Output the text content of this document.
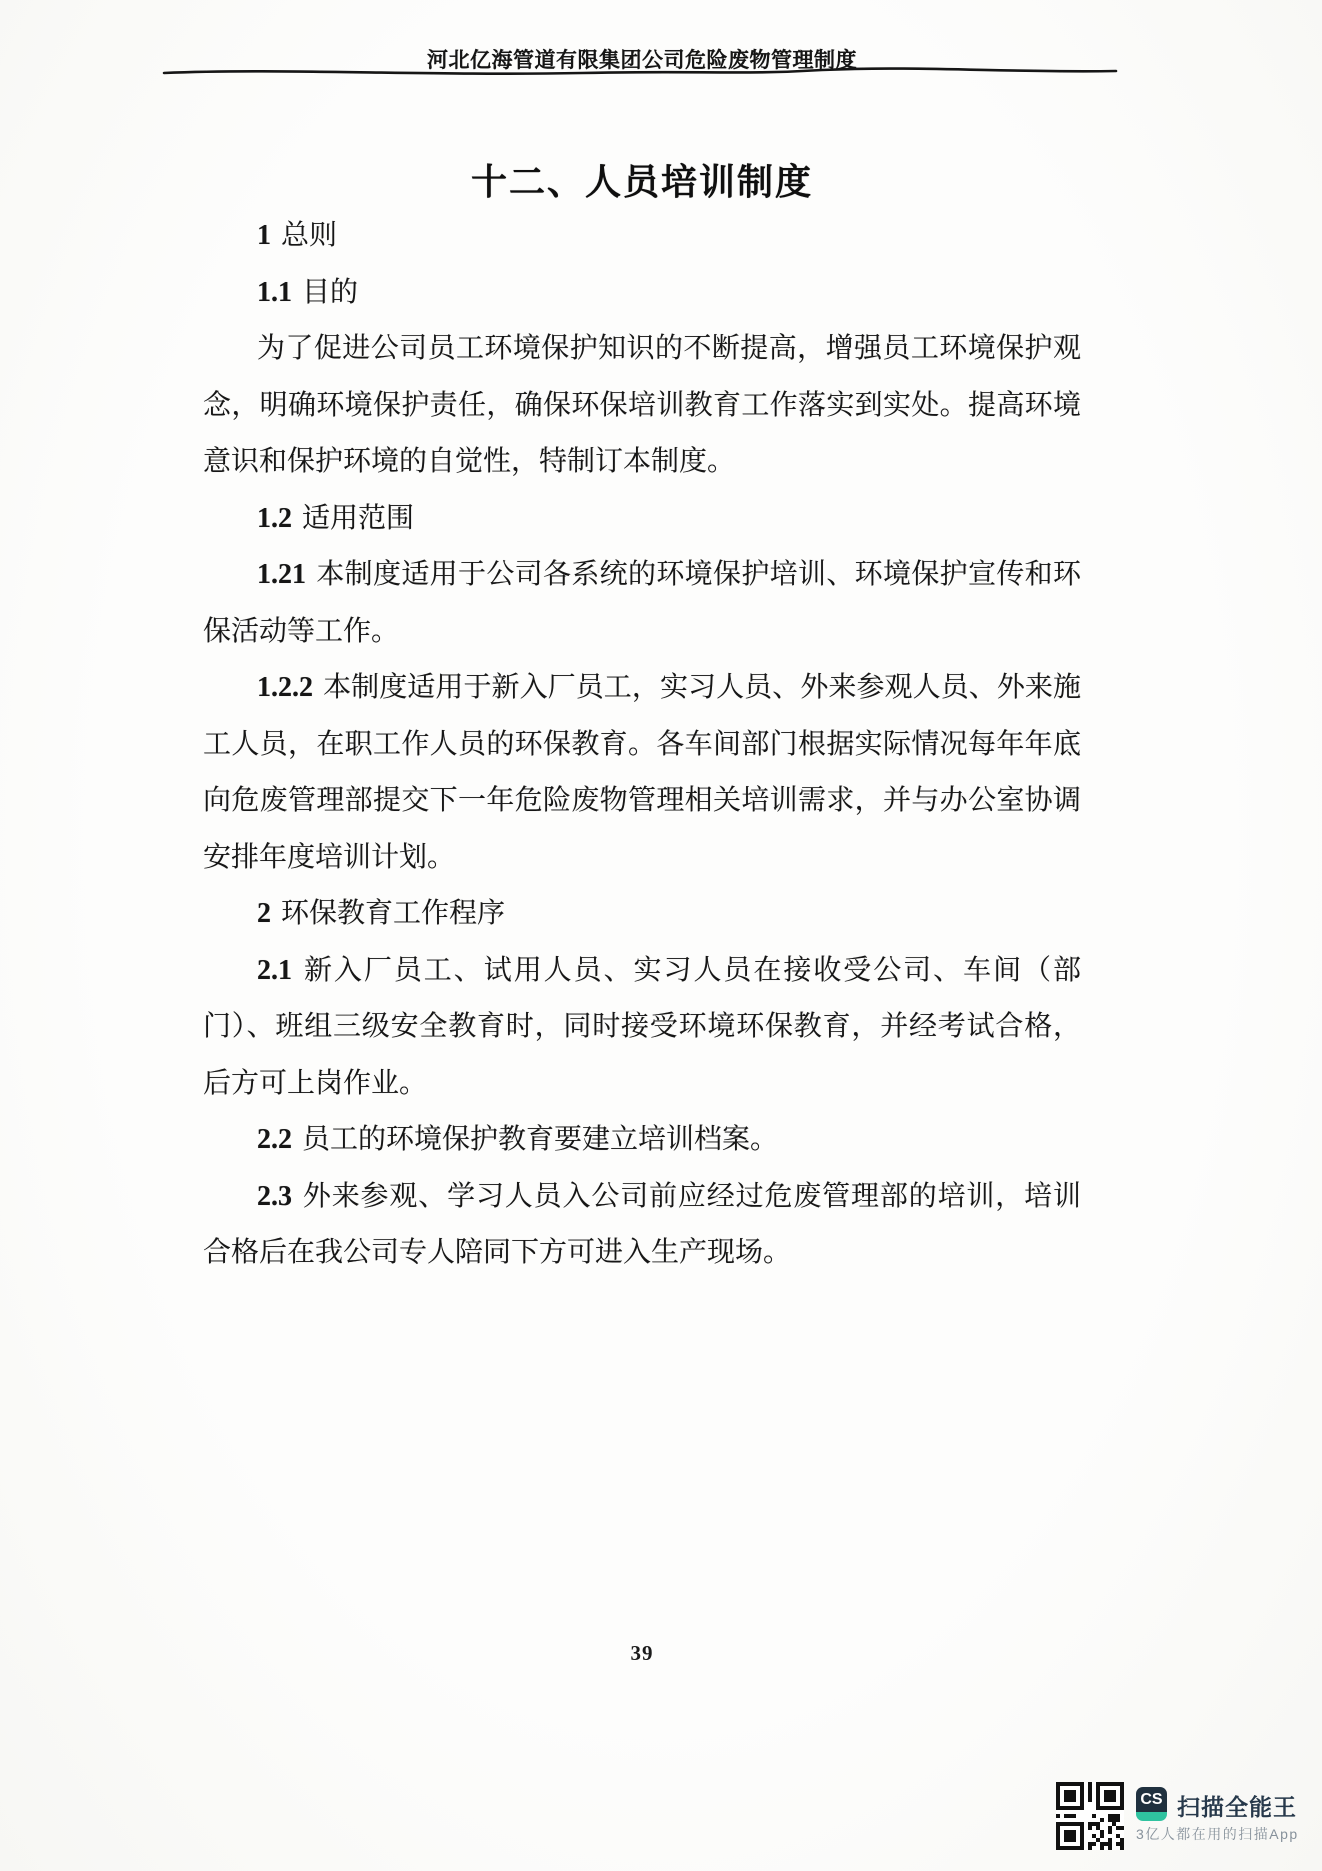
河北亿海管道有限集团公司危险废物管理制度
十二、人员培训制度

1 总则

1.1 目的

为了促进公司员工环境保护知识的不断提高，增强员工环境保护观念，明确环境保护责任，确保环保培训教育工作落实到实处。提高环境意识和保护环境的自觉性，特制订本制度。

1.2 适用范围

1.21 本制度适用于公司各系统的环境保护培训、环境保护宣传和环保活动等工作。

1.2.2 本制度适用于新入厂员工，实习人员、外来参观人员、外来施工人员，在职工作人员的环保教育。各车间部门根据实际情况每年年底向危废管理部提交下一年危险废物管理相关培训需求，并与办公室协调安排年度培训计划。

2 环保教育工作程序

2.1 新入厂员工、试用人员、实习人员在接收受公司、车间（部门）、班组三级安全教育时，同时接受环境环保教育，并经考试合格，后方可上岗作业。

2.2 员工的环境保护教育要建立培训档案。

2.3 外来参观、学习人员入公司前应经过危废管理部的培训，培训合格后在我公司专人陪同下方可进入生产现场。

39
CS 扫描全能王
3亿人都在用的扫描App
